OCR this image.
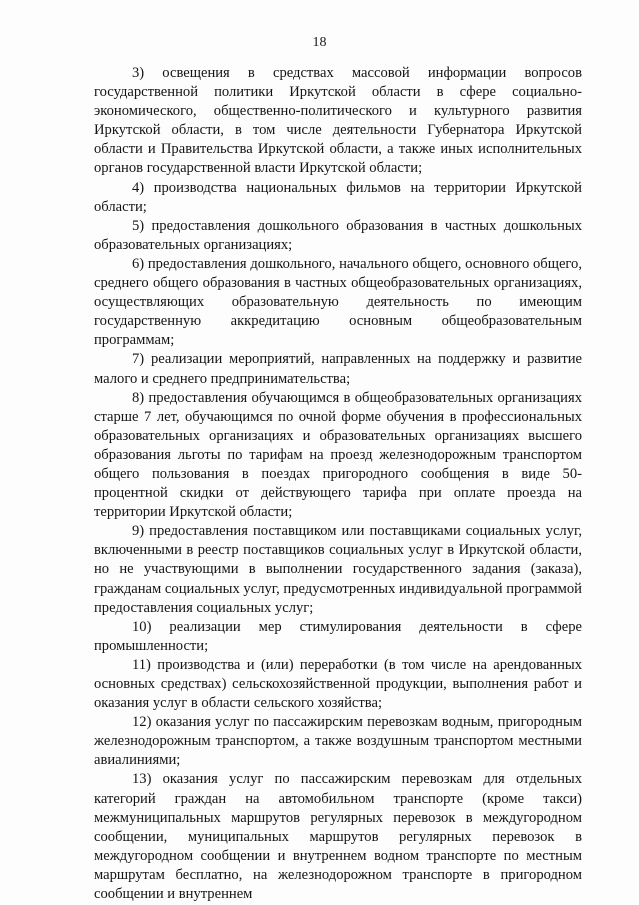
18

3) освещения в средствах массовой информации вопросов государственной политики Иркутской области в сфере социально-экономического, общественно-политического и культурного развития Иркутской области, в том числе деятельности Губернатора Иркутской области и Правительства Иркутской области, а также иных исполнительных органов государственной власти Иркутской области;

4) производства национальных фильмов на территории Иркутской области;

5) предоставления дошкольного образования в частных дошкольных образовательных организациях;

6) предоставления дошкольного, начального общего, основного общего, среднего общего образования в частных общеобразовательных организациях, осуществляющих образовательную деятельность по имеющим государственную аккредитацию основным общеобразовательным программам;

7) реализации мероприятий, направленных на поддержку и развитие малого и среднего предпринимательства;

8) предоставления обучающимся в общеобразовательных организациях старше 7 лет, обучающимся по очной форме обучения в профессиональных образовательных организациях и образовательных организациях высшего образования льготы по тарифам на проезд железнодорожным транспортом общего пользования в поездах пригородного сообщения в виде 50-процентной скидки от действующего тарифа при оплате проезда на территории Иркутской области;

9) предоставления поставщиком или поставщиками социальных услуг, включенными в реестр поставщиков социальных услуг в Иркутской области, но не участвующими в выполнении государственного задания (заказа), гражданам социальных услуг, предусмотренных индивидуальной программой предоставления социальных услуг;

10) реализации мер стимулирования деятельности в сфере промышленности;

11) производства и (или) переработки (в том числе на арендованных основных средствах) сельскохозяйственной продукции, выполнения работ и оказания услуг в области сельского хозяйства;

12) оказания услуг по пассажирским перевозкам водным, пригородным железнодорожным транспортом, а также воздушным транспортом местными авиалиниями;

13) оказания услуг по пассажирским перевозкам для отдельных категорий граждан на автомобильном транспорте (кроме такси) межмуниципальных маршрутов регулярных перевозок в междугородном сообщении, муниципальных маршрутов регулярных перевозок в междугородном сообщении и внутреннем водном транспорте по местным маршрутам бесплатно, на железнодорожном транспорте в пригородном сообщении и внутреннем
